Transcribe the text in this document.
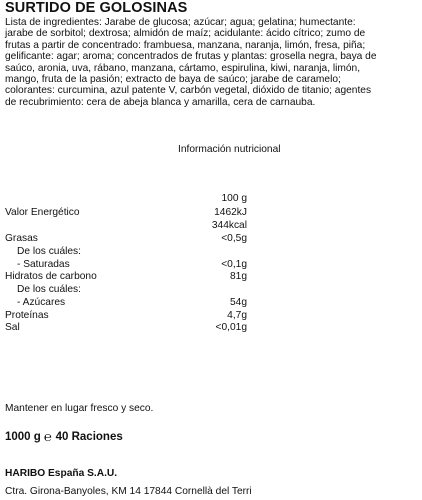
SURTIDO DE GOLOSINAS

Lista de ingredientes: Jarabe de glucosa; azúcar; agua; gelatina; humectante:

jarabe de sorbitol; dextrosa; almidón de maíz; acidulante: ácido cítrico; zumo de

frutas a partir de concentrado: frambuesa, manzana, naranja, limón, fresa, piña;

gelificante: agar; aroma; concentrados de frutas y plantas: grosella negra, baya de

saúco, aronia, uva, rábano, manzana, cártamo, espirulina, kiwi, naranja, limón,

mango, fruta de la pasión; extracto de baya de saúco; jarabe de caramelo;

colorantes: curcumina, azul patente V, carbón vegetal, dióxido de titanio; agentes

de recubrimiento: cera de abeja blanca y amarilla, cera de carnauba.

Información nutricional
100 g
Valor Energético	1462kJ
344kcal
Grasas	<0,5g
De los cuáles:
- Saturadas	<0,1g
Hidratos de carbono	81g
De los cuáles:
- Azúcares	54g
Proteínas	4,7g
Sal	<0,01g
Mantener en lugar fresco y seco.
1000 g ℮ 40 Raciones
HARIBO España S.A.U.
Ctra. Girona-Banyoles, KM 14 17844 Cornellà del Terri
